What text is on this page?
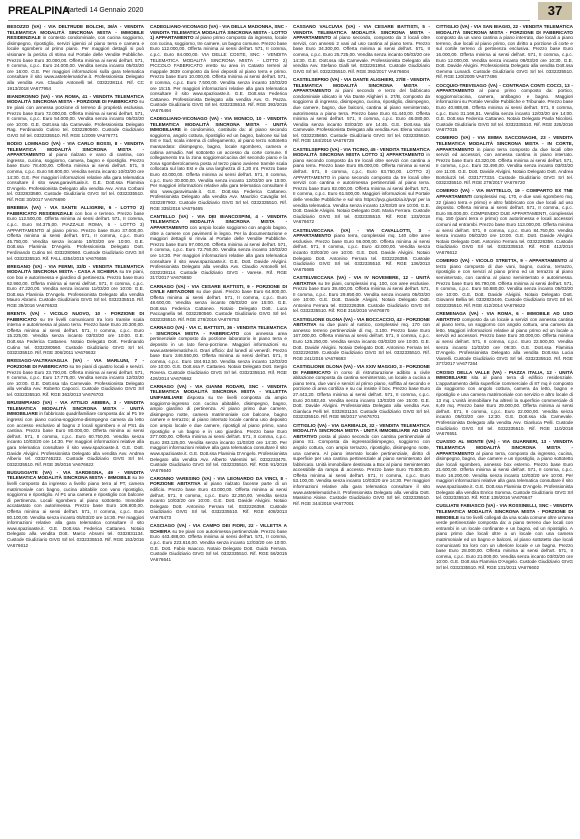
PREALPINA
Martedì 14 Gennaio 2020	37

BESOZZO (VA) - VIA DELTRUDE BOLCHI, 36/A - VENDITA TELEMATICA MODALITÀ SINCRONA MISTA - IMMOBILE RESIDENZIALE in contesto condominiale, con cucina soggiorno, disimpegno, ripostiglio, servizi igienici al piano terra e camera e locale sgombero al primo piano. Per maggiori dettagli si può visionare la perizia di stima sul Portale delle Vendite Pubbliche. Prezzo base Euro 30.000,00. Offerta minima ai sensi dell'art. 571, II comma, c.p.c. Euro 24.000,00. Vendita senza incanto 05/03/20 ore 16:00. G.E. Per maggiori informazioni sulla gara telematica consultare il sito www.astetelematiche.it. Professionista Delegato alla vendita Avv. Claudio Antonelli tel. 0332238114. Rif. CC 1913/2018 VA677954

BIANDRONNO (VA) - VIA ROMA, 41 - VENDITA TELEMATICA MODALITÀ SINCRONA MISTA - PORZIONE DI FABBRICATO su tre piani con annessa porzione di terreno di proprietà esclusiva. Prezzo base Euro 72.000,00. Offerta minima ai sensi dell'art. 571, II comma, c.p.c. Euro 54.000,00. Vendita senza incanto 05/03/20 ore 10:00. G.E. Dott.ssa Ida Carnevale. Professionista Delegato Rag. Ferdinando Cutino tel. 0332280560. Custode Giudiziario GIVG Srl tel. 0332335510. Rif. RGE 1/2009 VA676771

BODIO LOMNAGO (VA) - VIA CARLO BOSSI, 8 - VENDITA TELEMATICA MODALITÀ SINCRONA MISTA - APPARTAMENTO al piano rialzato e vano di cantina, con ingresso, cucina, soggiorno, camera, bagno e ripostiglio. Prezzo base Euro 78.400,00. Offerta minima ai sensi dell'art. 571, II comma, c.p.c. Euro 58.800,00. Vendita senza incanto 10/03/20 ore 14:30. G.E. Per maggiori informazioni relative alla gara telematica consultare il sito www.garavirtuale.it. G.E. Dott.ssa Flaminia D'Angelo. Professionista Delegato alla vendita Avv. Anna Corbani tel. 0332833580. Custode Giudiziario GIVG Srl tel. 0332335510. Rif. RGE 30/2017 VA676690

BREBBIA (VA) - VIA SANTE ALLIGRINI, 6 - LOTTO 2) FABBRICATO RESIDENZIALE con box e terreno. Prezzo base Euro 112.500,00. Offerta minima ai sensi dell'art. 571, II comma, c.p.c. Euro 84.375,00. PIAZZALE ROMA, 6 - LOTTO 3) APPARTAMENTO al piano primo. Prezzo base Euro 37.000,00. Offerta minima ai sensi dell'art. 571, II comma, c.p.c. Euro 45.750,00. Vendita senza incanto 10/03/20 ore 10:00. G.E. Dott.ssa Flaminia D'Angelo. Professionista Delegato Dott. Ferdinando Cutino tel. 0332280560. Custode Giudiziario GIVG Srl tel. 0332335510. Rif. FALL 4354/2015 VA676655

BREGANO (VA) - VIA FERMI, 33/D - VENDITA TELEMATICA MODALITÀ SINCRONA MISTA - CASA A SCHIERA su tre piani, con box e autorimessa e giardino di pertinenza. Prezzo base Euro 62.960,00. Offerta minima ai sensi dell'art. 571, II comma, c.p.c. Euro 47.220,00. Vendita senza incanto 11/03/20 ore 10:00. G.E. Dott.ssa Flaminia D'Angelo. Professionista Delegato alla vendita Mauro Abrami. Custode Giudiziario GIVG Srl tel. 0332335510. Rif. RGE 39/2016 VA676533

BRENTA (VA) - VICOLO NUOVO, 10 - PORZIONE DI FABBRICATO su tre livelli comunicanti tra loro tramite scala interna e autorimessa al piano terra. Prezzo base Euro 20.300,00. Offerta minima ai sensi dell'art. 571, II comma, c.p.c. Euro 15.225,00. Vendita senza incanto 03/03/20 ore 10:00. G.E. Dott.ssa Federica Cattaneo. Notaio Delegato Dott. Ferdinando Cutino tel. 0332280560. Custode Giudiziario GIVG Srl tel. 0332335510. Rif. RGE 306/2011 VA676632

BRISSAGO-VALTRAVAGLIA (VA) - VIA MARLUNI, 7 - PORZIONE DI FABBRICATO su tre piani di quattro locali e servizi. Prezzo base Euro 23.700,00. Offerta minima ai sensi dell'art. 571, II comma, c.p.c. Euro 17.775,00. Vendita senza incanto 12/03/20 ore 10:00. G.E. Dott.ssa Ida Carnevale. Professionista Delegato alla vendita Avv. Roberto Capocci. Custode Giudiziario GIVG Srl tel. 0332335510. Rif. RGE 363/2013 VA676703

BRUSIMPIANO (VA) - VIA ATTILIO ABBIBA, 3 - VENDITA TELEMATICA MODALITÀ SINCRONA MISTA - UNITÀ IMMOBILIARE in fabbricato quadrifamiliare composta da: al P1 tre ingressi con piano cucina-soggiorno-disimpegno camera da letto con accesso esclusivo al bagno 2 locali sgombero e al PS1 da cantina. Prezzo base Euro 80.000,00. Offerta minima ai sensi dell'art. 571, II comma, c.p.c. Euro 60.750,00. Vendita senza incanto 10/03/20 ore 14:30. Per maggiori informazioni relative alla gara telematica consultare il sito www.spazioaste.it. G.E. Dott. Davide Alvigini. Professionista Delegato alla vendita Avv. Andrea Alberio tel. 0332746232. Custode Giudiziario GIVG Srl tel. 0332335510. Rif. RGE 39/2016 VA676622

BUGUGGIATE (VA) - VIA SARDEGNA, 49 - VENDITA TELEMATICA MODALITÀ SINCRONA MISTA - IMMOBILE su tre livelli composto da ingresso a livello piano terra al PT, camera matrimoniale con bagno, cucina abitabile con vano ripostiglio, soggiorno e ripostiglio. Al P1 una camera e ripostiglio con balcone di pertinenza. Locali sgombero al piano sottotetto. Immobile accatastato con autorimessa. Prezzo base Euro 106.800,00. Offerta minima ai sensi dell'art. 571, II comma, c.p.c. Euro 80.100,00. Vendita senza incanto 05/03/20 ore 14:30. Per maggiori informazioni relative alla gara telematica consultare il sito www.spazioaste.it. G.E. Dott.ssa Federica Cattaneo. Notaio Delegato alla vendita Dott. Marco Abrami tel. 0332831134. Custode Giudiziario GIVG Srl tel. 0332335510. Rif. RGE 153/2016 VA676612

CADEGLIANO-VICONAGO (VA) - VIA DELLA MADONNA, SNC - VENDITA TELEMATICA MODALITÀ SINCRONA MISTA - LOTTO 1) APPARTAMENTO al piano primo composto da ingresso, locale con cucina, soggiorno, tre camere, un bagno comune. Prezzo base Euro 112.000,00. Offerta minima ai sensi dell'art. 571, II comma, c.p.c. Euro 84.000,00. VIA DELLE COSTE, SNC - VENDITA TELEMATICA MODALITÀ SINCRONA MISTA - LOTTO 2) PICCOLO FABBRICATO eretto su area in Catasto terreni al mappale 3639 composto da lievi depositi al piano terra e primo. Prezzo base Euro 10.000,00. Offerta minima ai sensi dell'art. 571, II comma, c.p.c. Euro 7.500,00. Vendita senza incanto 10/03/20 ore 15:15. Per maggiori informazioni relative alla gara telematica consultare il sito www.spazioaste.it. G.E. Dott.ssa Federica Cattaneo. Professionista Delegato alla vendita Avv. G. Pazza. Custode Giudiziario GIVG Srl tel. 0332335510. Rif. RGE 393/2015 VA676494

CADEGLIANO-VICONAGO (VA) - VIA MONICO, 10 - VENDITA TELEMATICA MODALITÀ SINCRONA MISTA - UNITÀ IMMOBILIARE in condominio, costituito da: al piano secondo soggiorno, angolo cottura, ripostiglio ed un bagno, balcone sui lati Est e Sud, scala interna di collegamento, al piano terzo sottotetto mansardato: disimpegno, bagno, locale sgombero, camera e cabina armadio. Nel sottotetto un accesso da corte comune. Il collegamento tra la zona soggiorno/cucina del secondo piano e la zona sgombero/camera posta al terzo piano avviene tramite scala collocata sul lato Est e da una larghezza di 1,20 mt. Prezzo base Euro 40.000,00. Offerta minima ai sensi dell'art. 571, II comma, c.p.c. Euro 30.000,00. Vendita senza incanto 12/03/20 ore 15:00. Per maggiori informazioni relative alla gara telematica consultare il sito www.garavirtuale.it. G.E. Dott.ssa Federica Cattaneo. Professionista Delegato alla vendita Avv. Maurizio Cavaglia tel. 0332287902. Custode Giudiziario GIVG Srl tel. 0332335510. Rif. RGE 335/2016 VA676465

CANTELLO (VA) - VIA DEI BIANCOSPINI, 4 - VENDITA TELEMATICA MODALITÀ SINCRONA MISTA - APPARTAMENTO con ampio locale soggiorno con angolo bagno, oltre a camere con pavimenti in legno. Per la documentazione e maggiori dettagli si rinvia al Portale delle Vendite Pubbliche. Prezzo base Euro 97.000,00. Offerta minima ai sensi dell'art. 571, II comma, c.p.c. Euro 72.750,00. Vendita senza incanto 10/03/20 ore 14:30. Per maggiori informazioni relative alla gara telematica consultare il sito www.spazioaste.it. G.E. Dott. Davide Alvigini. Professionista Delegato alla vendita Avv. Claudio Antonelli tel. 0332238114. Custode Giudiziario GIVG - Varese. Rif. RGE 317/2017 VA676650

CARNAGO (VA) - VIA CESARE BATTISTI, 9 - PORZIONE DI CIVILE ABITAZIONE su due piani. Prezzo base Euro 64.800,00. Offerta minima ai sensi dell'art. 571, II comma, c.p.c. Euro 48.600,00. Vendita senza incanto 05/03/20 ore 15:00. G.E. Dott.ssa Federica Cattaneo. Notaio Delegato Dott. Luca Paccagnella tel. 0332280560. Custode Giudiziario GIVG Srl tel. 0332335510. Rif. RGE 278/2016 VA676753

CARNAGO (VA) - VIA C. BATTISTI, 36 - VENDITA TELEMATICA - SINCRONA MISTA - FABBRICATO con annessa area pertinenziale composto da porzione laboratorio in piano terra e deposito in un lato fieno-porzione. Maggiori informazioni su www.astetelematiche.it. Orari ufficio: dal lunedì al venerdì. Prezzo base Euro 246.550,00. Offerta minima ai sensi dell'art. 571, II comma, c.p.c. Euro 184.912,50. Vendita senza incanto 12/03/20 ore 10:00. G.E. Dott.ssa F. Cattaneo. Notaio Delegato Dott. Sergio Rovera. Custode Giudiziario GIVG Srl tel. 0332335510. Rif. RGE 426/2014 VA676662

CARNAGO (VA) - VIA GIANNI RODARI, SNC - VENDITA TELEMATICA MODALITÀ SINCRONA MISTA - VILLETTA UNIFAMILIARE disposta su tre livelli composta da ampio soggiorno-ingresso con cucina abitabile, disimpegno, bagno, ampio giardino di pertinenza. Al piano primo due camere, disimpegno notte, camera matrimoniale con balcone, bagno camere e terrazzo; al piano interrato locale cantina uso deposito con ampio locale e due camere, ripostigli al piano primo, vano ripostiglio e un bagno e in uso giardino. Prezzo base Euro 377.000,00. Offerta minima ai sensi dell'art. 571, II comma, c.p.c. Euro 283.125,00. Vendita senza incanto 11/03/20 ore 14:30. Per maggiori informazioni relative alla gara telematica consultare il sito www.spazioaste.it. G.E. Dott.ssa Flaminia D'Angelo. Professionista Delegato alla vendita Avv. Alberto Valentini tel. 0332233475. Custode Giudiziario GIVG Srl tel. 0332335510. Rif. RGE 91/2019 VA676640

CARONNO VARESINO (VA) - VIA LEONARDO DA VINCI, 8 - PORZIONE ABITATIVA al piano rialzato facente parte di un edificio. Prezzo base Euro 43.000,00. Offerta minima ai sensi dell'art. 571, II comma, c.p.c. Euro 32.250,00. Vendita senza incanto 10/03/20 ore 10:00. G.E. Dott. Davide Alvigini. Notaio Delegato Dott. Antonino Ferrara tel. 0332226359. Custode Giudiziario GIVG Srl tel. 0332335510. Rif. RGE 408/2013 VA676473

CASCIAGO (VA) - VIA CAMPO DEI FIORI, 22 - VILLETTA A SCHIERA su tre piani con autorimessa pertinenziale. Prezzo base Euro 443.488,00. Offerta minima ai sensi dell'art. 571, II comma, c.p.c. Euro 223.616,00. Vendita senza incanto 12/03/20 ore 10:00. G.E. Dott. Fabio Isaacco. Notaio Delegato Dott. Guido Ferrara. Custode Giudiziario GIVG Srl tel. 0332335510. Rif. RGE 56/2015 VA676641

CASSANO VALCUVIA (VA) - VIA CESARE BATTISTI, 5 - VENDITA TELEMATICA MODALITÀ SINCRONA MISTA - APPARTAMENTO al piano secondo, composto da 3 locali oltre servizi, con annessi 2 vani ad uso cantina al piano terra. Prezzo base Euro 34.300,00. Offerta minima ai sensi dell'art. 571, II comma, c.p.c. Euro 25.725,00. Vendita senza incanto 05/03/20 ore 14:30. G.E. Dott.ssa Ida Carnevale. Professionista Delegato alla vendita Avv. Stefano Gialli tel. 0332261954. Custode Giudiziario GIVG Srl tel. 0332335510. Rif. RGE 392/2017 VA676604

CASTELSEPRIO (VA) - VIA DANTE ALIGHIERI, 27/B - VENDITA TELEMATICA MODALITÀ SINCRONA MISTA - APPARTAMENTO ai piani secondo e terzo del fabbricato condominiale ubicato in Via Dante Alighieri n. 27/B, composto da soggiorno di ingresso, disimpegno, cucina, ripostiglio, disimpegno, due camere, bagno, due balconi, cantina al piano seminterrato, autorimessa a piano terra. Prezzo base Euro 61.440,00. Offerta minima ai sensi dell'art. 571, II comma, c.p.c. Euro 46.080,00. Vendita senza incanto 03/03/20 ore 14:45. G.E. Dott.ssa Ida Carnevale. Professionista Delegato alla vendita Avv. Elena Vaccaro tel. 0332235650. Custode Giudiziario GIVG Srl tel. 0332335510. Rif. RGE 184/2016 VA676729

CASTELSEPRIO (VA) - VIA TICINO, 45 - VENDITA TELEMATICA MODALITÀ SINCRONA MISTA LOTTO 1) APPARTAMENTO in piano secondo composto da tre locali oltre servizi con cantina a piano terra. Prezzo base Euro 85.000,00. Offerta minima ai sensi dell'art. 571, II comma, c.p.c. Euro 63.750,00. LOTTO 2) APPARTAMENTO in piano secondo composto da tre locali oltre servizi con cantina e autorimessa pertinenziali al piano terra. Prezzo base Euro 82.000,00. Offerta minima ai sensi dell'art. 571, II comma, c.p.c. Euro 61.500,00. Maggiori informazioni sul Portale delle Vendite Pubbliche e sul sito https://pvp.giustizia.it/pvp/ per la vendita telematica. Vendita senza incanto 12/03/20 ore 10:00. G.E. Dott. Davide Alvigini. Notaio Delegato Dott. Maria Ferrara. Custode Giudiziario GIVG Srl tel. 0332335510. Rif. RGE 133/2018 VA676672

CASTELVECCANA (VA) - VIA CAVALLOTTI, 3 - APPARTAMENTO piano terra, complessivi mq. 140 oltre aree esclusive. Prezzo base Euro 56.000,00. Offerta minima ai sensi dell'art. 571, II comma, c.p.c. Euro 42.000,00. Vendita senza incanto 03/03/20 ore 10:00. G.E. Dott. Davide Alvigini. Notaio Delegato Dott. Antonino Ferrara tel. 0332226359. Custode Giudiziario GIVG Srl tel. 0332335510. Rif. RGE 136/2013 VA676685

CASTELVECCANA (VA) - VIA IV NOVEMBRE, 12 - UNITÀ ABITATIVA su tre piani, complessivi mq. 100, con aree esclusive. Prezzo base Euro 39.400,00. Offerta minima ai sensi dell'art. 571, II comma, c.p.c. Euro 29.850,00. Vendita senza incanto 05/03/20 ore 10:00. G.E. Dott. Davide Alvigini. Notaio Delegato Dott. Antonino Ferrara tel. 0332226359. Custode Giudiziario GIVG Srl tel. 0332335510. Rif. RGE 316/2016 VA676670

CASTIGLIONE OLONA (VA) - VIA BOCCACCIO, 42 - PORZIONE ABITATIVA su due piani al rustico, complessivi mq. 170 con annesso terreno pertinenziale di mq. 3.100. Prezzo base Euro 167.000,00. Offerta minima ai sensi dell'art. 571, II comma, c.p.c. Euro 125.250,00. Vendita senza incanto 03/03/20 ore 10:00. G.E. Dott. Davide Alvigini. Notaio Delegato Dott. Antonino Ferrara tel. 0332226359. Custode Giudiziario GIVG Srl tel. 0332335510. Rif. RGE 241/2016 VA676683

CASTIGLIONE OLONA (VA) - VIA XXIV MAGGIO, 3 - PORZIONE DI FABBRICATO in corso di ristrutturazione adibito a civile abitazione composta da cantina seminterrato, un locale a cucina a piano terra, due vani e servizi al primo piano, soffitta al secondo e porzione di area cortiliza e su cui insiste il box. Prezzo base Euro 27.443,20. Offerta minima ai sensi dell'art. 571, II comma, c.p.c. Euro 20.582,40. Vendita senza incanto 13/03/20 ore 15:00. G.E. Dott. Davide Alvigini. Professionista Delegato alla vendita Avv. Gianluca Pelli tel. 0332831134. Custode Giudiziario GIVG Srl tel. 0332335510. Rif. RGE 98/2017 VA676701

CITTIGLIO (VA) - VIA GARIBALDI, 32 - VENDITA TELEMATICA MODALITÀ SINCRONA MISTA - UNITÀ IMMOBILIARE AD USO ABITATIVO posta al piano secondo con cantina pertinenziale al piano S1. Composta da ingresso/disimpegno, soggiorno con angolo cottura, con ampio terrazzo, ripostiglio, disimpegno notte, una camera. Al piano interrato locale pertinenziale, diritto di superficie per una cantina pertinenziale al piano seminterrato del fabbricato. Unità immobiliare destinata a Box al piano Seminterrato accessibile da rampa di accesso. Prezzo base Euro 70.800,00. Offerta minima ai sensi dell'art. 571, II comma, c.p.c. Euro 53.100,00. Vendita senza incanto 10/03/20 ore 14:30. Per maggiori informazioni relative alla gara telematica consultare il sito www.astetelematiche.it. Professionista Delegato alla vendita Dott. Massimo Aloise. Custode Giudiziario GIVG Srl tel. 0332335510. Rif. RGE 344/2018 VA677001

CITTIGLIO (VA) - VIA SAN BIAGIO, 22 - VENDITA TELEMATICA MODALITÀ SINCRONA MISTA - PORZIONE DI FABBRICATO composto da un vano cantina a piano interrato, due locali a piano terreno, due locali al piano primo, con diritto a porzione di corte e sul cortile terreno di pertinenza esclusiva. Prezzo base Euro 16.000,00. Offerta minima ai sensi dell'art. 571, II comma, c.p.c. Euro 12.000,00. Vendita senza incanto 09/03/20 ore 10:30. G.E. Dott. Davide Alvigini. Professionista Delegato alla vendita Dott.ssa Gemma Lunardi. Custode Giudiziario GIVG Srl tel. 0332335510. Rif. RGE 120/2009 VA677486

COCQUIO-TREVISAGO (VA) - CONTRADA CONTI COCCI, 13 - APPARTAMENTO al piano primo composto da: portico, soggiorno/cucina, camera, antibagno e bagno. Maggiori informazioni su Portale Vendite Pubbliche e Tribunale. Prezzo base Euro 40.888,68. Offerta minima ai sensi dell'art. 571, II comma, c.p.c. Euro 31.166,51. Vendita senza incanto 12/03/20 ore 14:00. G.E. Dott.ssa Federica Cattaneo. Notaio Delegato Paola Nicolosi. Custode Giudiziario GIVG Srl tel. 0332335510. Rif. RGE 325/2016 VA677015

COMERIO (VA) - VIA EMMA SACCONAGHI, 23 - VENDITA TELEMATICA MODALITÀ SINCRONA MISTA - IN CORTE, APPARTAMENTO in piano terra composto da due locali oltre servizi ed accessori, con annessa cantina in piano interrato. Prezzo base Euro 43.320,00. Offerta minima ai sensi dell'art. 571, II comma, c.p.c. Euro 32.490,00. Vendita senza incanto 03/03/20 ore 11:00. G.E. Dott. Davide Alvigini. Notaio Delegato Dott. Andrea Bortoluzzi tel. 0331777334. Custode Giudiziario GIVG Srl tel. 0332335510. Rif. RGE 279/2017 VA676720

COMERIO (VA) - VIA MATTELLO, 19 - COMPARTO EX TNE APPARTAMENTI complessivi mq. 170, e due vani sgombero mq. 22 (piano terra e primo) e altro fabbricato con due locali ad uso deposito. Offerta minima ai sensi dell'art. 571, II comma, c.p.c. Euro 85.000,00. COMPENDIO DUE APPARTAMENTI, complessivi mq. 150 (piani terra e primo) con autorimessa e locali accessori comuni ad entrambi. Prezzo base Euro 113.000,00. Offerta minima ai sensi dell'art. 571, II comma, c.p.c. Euro 84.750,00. Vendita senza incanto 05/03/20 ore 10:00. G.E. Dott. Davide Alvigini. Notaio Delegato Dott. Antonino Ferrara tel. 0332226359. Custode Giudiziario GIVG Srl tel. 0332335510. Rif. RGE 412/2014 VA676612

COMERIO (VA) - VICOLO STRETTA, 9 - APPARTAMENTO al terzo piano composto di due vani, bagno, cucina, terrazzo, ripostiglio e con servizi al piano primo ed un terrazzo al piano seminterrato, con cantina al piano seminterrato e autorimessa. Prezzo base Euro 66.790,00. Offerta minima ai sensi dell'art. 571, II comma, c.p.c. Euro 50.880,00. Vendita senza incanto 05/03/20 ore 10:00. G.E. Dott. Davide Alvigini. Notaio Delegato Dott. Giovanni Bellia tel. 0332823446. Custode Giudiziario GIVG Srl tel. 0332335510. Rif. RGE 412/2014 VA676622

CREMENAGA (VA) - VIA ROMA, 6 - IMMOBILE AD USO ABITATIVO composto da un locale a servizi con annessa cantina al piano terra, un soggiorno con angolo cottura, una camera da letto. Maggiori informazioni relative al piano primo ed un locale a servizi ed accessori. Prezzo base Euro 30.000,00. Offerta minima ai sensi dell'art. 571, II comma, c.p.c. Euro 22.500,00. Vendita senza incanto 11/03/20 ore 09:30. G.E. Dott.ssa Flaminia D'Angelo. Professionista Delegato alla vendita Dott.ssa Lucia Vianelli. Custode Giudiziario GIVG Srl tel. 0332335510. Rif. RGE 377/2017 VA677264

CROSIO DELLA VALLE (VA) - PIAZZA ITALIA, 12 - UNITÀ IMMOBILIARE sita al piano terra di edificio residenziale. L'appartamento della superficie commerciale di 87 mq è composto da soggiorno con angolo cottura, camera da letto, bagno e ripostiglio e una camera matrimoniale con servizio e altro locale di 13 mq. L'unità immobiliare ha altresì la superficie commerciale di 6,49 mq. Prezzo base Euro 29.000,00. Offerta minima ai sensi dell'art. 571, II comma, c.p.c. Euro 22.000,00. Vendita senza incanto 05/03/20 ore 12:30. G.E. Dott.ssa Ida Carnevale. Professionista Delegato alla vendita Avv. Gianluca Pelli. Custode Giudiziario GIVG Srl tel. 0332335510. Rif. RGE 110/2018 VA676551

CUASSO AL MONTE (VA) - VIA GUARNERI, 13 - VENDITA TELEMATICA MODALITÀ SINCRONA MISTA - APPARTAMENTO al piano terra, composto da ingresso, cucina, disimpegno, bagno, due camere e un ripostiglio, a piano sottotetto due locali sgombero, annesso box esterno. Prezzo base Euro 21.600,00. Offerta minima ai sensi dell'art. 571, II comma, c.p.c. Euro 16.200,00. Vendita senza incanto 10/03/20 ore 10:00. Per maggiori informazioni relative alla gara telematica consultare il sito www.spazioaste.it. G.E. Dott.ssa Flaminia D'Angelo. Professionista Delegato alla vendita Enrico Somma. Custode Giudiziario GIVG Srl tel. 0332335510. Rif. RGE 139/2016 VA676647

CUGLIATE FABIASCO (VA) - VIA ROSSINELLI, SNC - VENDITA TELEMATICA MODALITÀ SINCRONA MISTA - PORZIONE DI IMMOBILE su tre livelli collegati da una scala comune oltre un'area verde pertinenziale composta da: a piano terreno due locali con entrambi in un locale confinante e un bagno, ed un ripostiglio. A piano primo due locali oltre a un locale con una camera matrimoniale ed un bagno e balconi, al piano sottotetto due locali comunicanti tra loro con un ulteriore locale e un bagno. Prezzo base Euro 28.000,00. Offerta minima ai sensi dell'art. 571, II comma, c.p.c. Euro 21.000,00. Vendita senza incanto 03/03/20 ore 10:00. G.E. Dott.ssa Flaminia D'Angelo. Custode Giudiziario GIVG Srl tel. 0332335510. Rif. RGE 131/2011 VA676602
